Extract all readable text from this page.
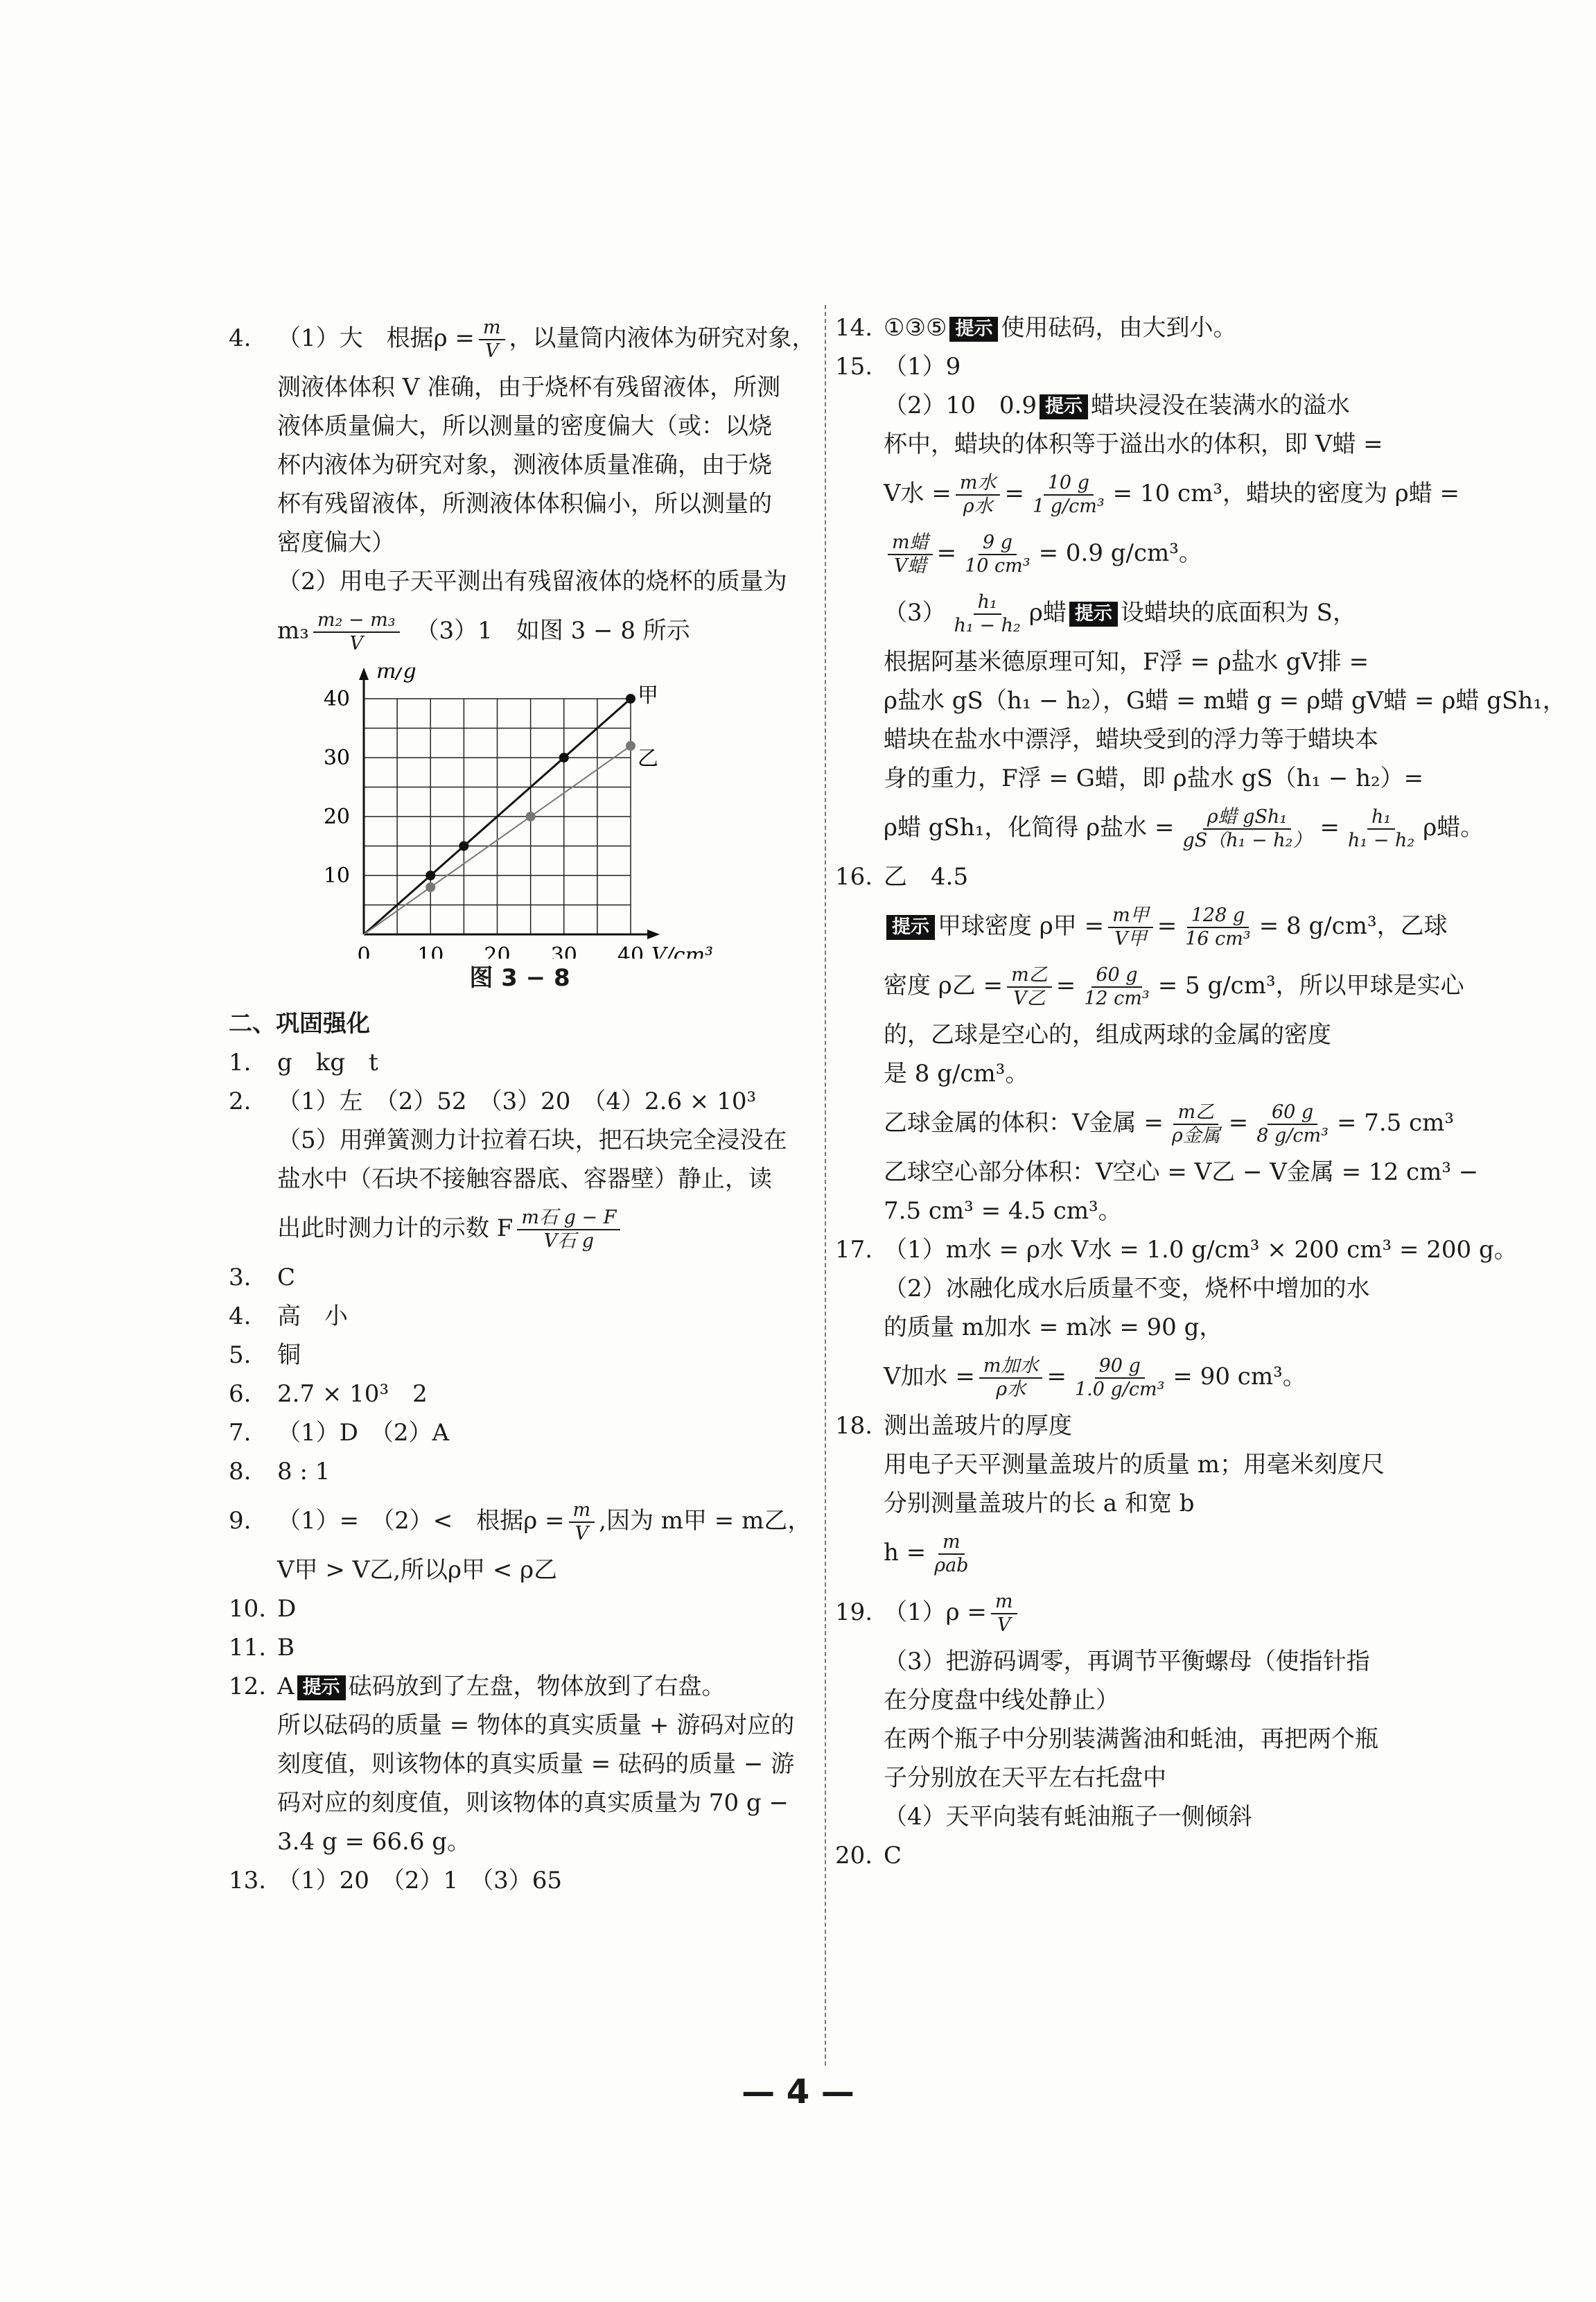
4. （1）大　根据$\rho = \frac{m}{V}$ ，以量筒内液体为研究对象，
测液体体积 V 准确，由于烧杯有残留液体，所测
液体质量偏大，所以测量的密度偏大（或：以烧
杯内液体为研究对象，测液体质量准确，由于烧
杯有残留液体，所测液体体积偏小，所以测量的
密度偏大）
（2）用电子天平测出有残留液体的烧杯的质量为
$m_3 \frac{\text{m₂ − m₃}}{V}$ 　（3）1　如图 3 − 8 所示
m/g
V/cm³
0 10 20 30 40
10
20
30
40	甲
乙
图 3 − 8
二、巩固强化
1. g　kg　t
2. （1）左　（2）52　（3）20　（4）2.6 × 10³
（5）用弹簧测力计拉着石块，把石块完全浸没在
盐水中（石块不接触容器底、容器壁）静止，读
出此时测力计的示数 F $\frac{\text{m石 g − F}}{\text{V石 g}}$
3. C
4. 高　小
5. 铜
6. 2.7 × 10³　2
7. （1）D　（2）A
8. 8 : 1
9. （1）=　（2）<　根据$\rho = \frac{m}{V}$ ,因为 m甲 = m乙，
V甲 > V乙,所以ρ甲 < ρ乙
10. D
11. B
12. A 提示 砝码放到了左盘，物体放到了右盘。
所以砝码的质量 = 物体的真实质量 + 游码对应的
刻度值，则该物体的真实质量 = 砝码的质量 − 游
码对应的刻度值，则该物体的真实质量为 70 g −
3.4 g = 66.6 g。
13. （1）20　（2）1　（3）65
14. ①③⑤ 提示 使用砝码，由大到小。
15. （1）9
（2）10　0.9 提示 蜡块浸没在装满水的溢水
杯中，蜡块的体积等于溢出水的体积，即 V蜡 =
V水 = $\frac{\text{m水}}{\text{ρ水}} = \frac{10 g}{\text{1 g/cm³}} = 10$ cm³，蜡块的密度为 ρ蜡 =
$\frac{\text{m蜡}}{\text{V蜡}} = \frac{9 g}{\text{10 cm³}} = 0.9$ g/cm³。
$(3) \frac{\text{h₁}}{\text{h₁ − h₂}}$ ρ蜡 提示 设蜡块的底面积为 S，
根据阿基米德原理可知，F浮 = ρ盐水 gV排 =
ρ盐水 gS（h₁ − h₂），G蜡 = m蜡 g = ρ蜡 gV蜡 = ρ蜡 gSh₁，
蜡块在盐水中漂浮，蜡块受到的浮力等于蜡块本
身的重力，F浮 = G蜡，即 ρ盐水 gS（h₁ − h₂）=
ρ蜡 gSh₁，化简得 ρ盐水 = $\frac{\text{ρ蜡 gSh₁}}{\text{gS（h₁ − h₂）}} = \frac{\text{h₁}}{\text{h₁ − h₂}}$ ρ蜡。
16. 乙　4.5
提示 甲球密度 ρ甲 = $\frac{\text{m甲}}{\text{V甲}} = \frac{128 g}{\text{16 cm³}} = 8$ g/cm³，乙球
密度 ρ乙 = $\frac{\text{m乙}}{\text{V乙}} = \frac{60 g}{\text{12 cm³}} = 5$ g/cm³，所以甲球是实心
的，乙球是空心的，组成两球的金属的密度
是 8 g/cm³。
乙球金属的体积：V金属 = $\frac{\text{m乙}}{\text{ρ金属}} = \frac{60 g}{\text{8 g/cm³}} = 7.5$ cm³
乙球空心部分体积：V空心 = V乙 − V金属 = 12 cm³ −
7.5 cm³ = 4.5 cm³。
17. （1）m水 = ρ水 V水 = 1.0 g/cm³ × 200 cm³ = 200 g。
（2）冰融化成水后质量不变，烧杯中增加的水
的质量 m加水 = m冰 = 90 g，
V加水 = $\frac{\text{m加水}}{\text{ρ水}} = \frac{90 g}{\text{1.0 g/cm³}} = 90$ cm³。
18. 测出盖玻片的厚度
用电子天平测量盖玻片的质量 m；用毫米刻度尺
分别测量盖玻片的长 a 和宽 b
$h = \frac{m}{\text{ρab}}$
19. $(1)\rho = \frac{m}{V}$
（3）把游码调零，再调节平衡螺母（使指针指
在分度盘中线处静止）
在两个瓶子中分别装满酱油和蚝油，再把两个瓶
子分别放在天平左右托盘中
（4）天平向装有蚝油瓶子一侧倾斜
20. C
— 4 —
